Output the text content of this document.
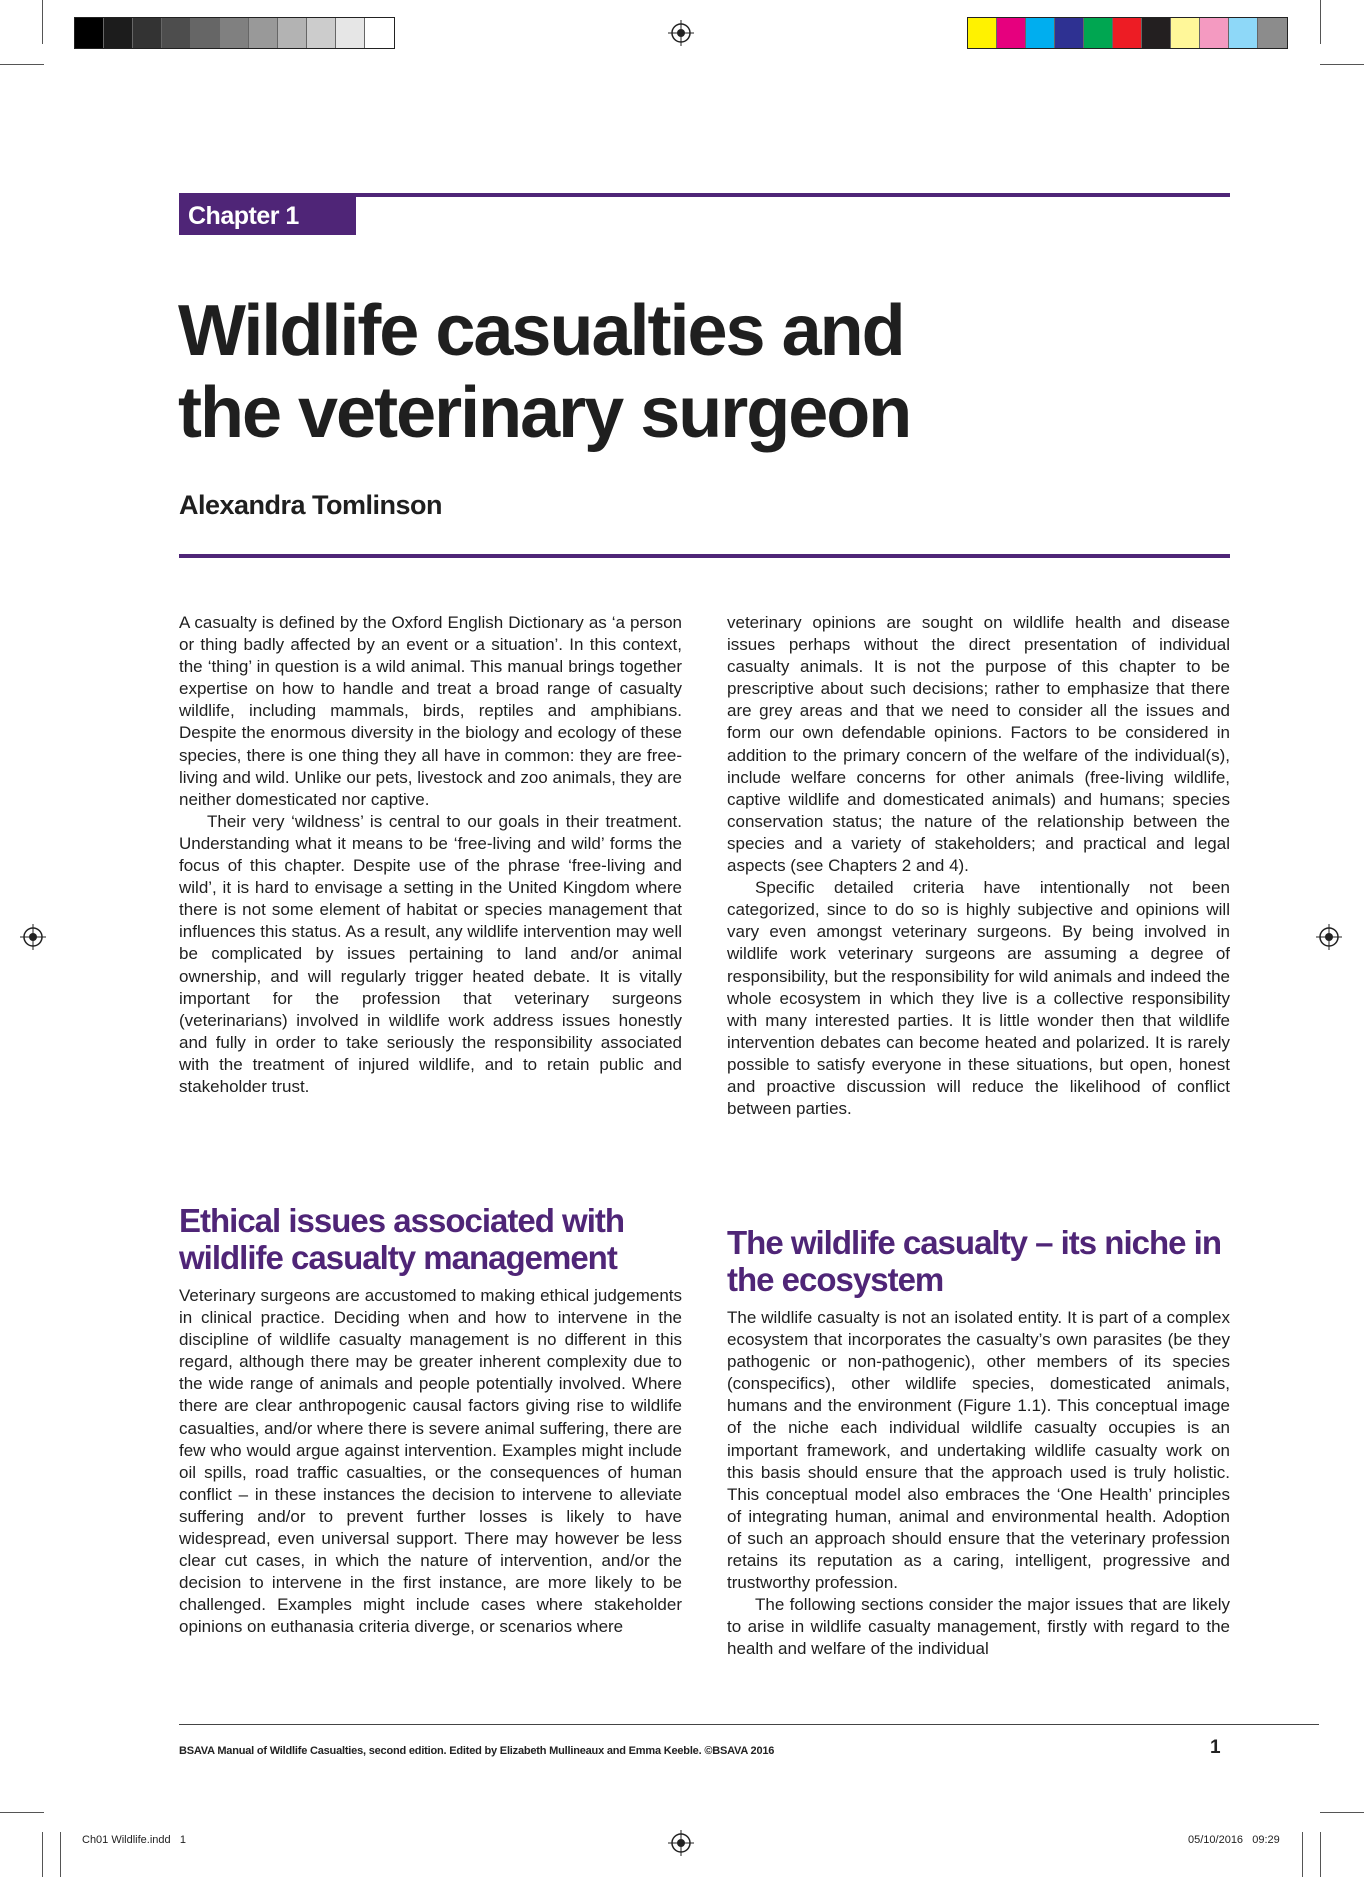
Chapter 1
Wildlife casualties and
the veterinary surgeon
Alexandra Tomlinson

A casualty is defined by the Oxford English Dictionary as ‘a person or thing badly affected by an event or a situation’. In this context, the ‘thing’ in question is a wild animal. This manual brings together expertise on how to handle and treat a broad range of casualty wildlife, including mammals, birds, reptiles and amphibians. Despite the enormous diversity in the biology and ecology of these species, there is one thing they all have in common: they are free-living and wild. Unlike our pets, livestock and zoo animals, they are neither domesticated nor captive.

Their very ‘wildness’ is central to our goals in their treatment. Understanding what it means to be ‘free-living and wild’ forms the focus of this chapter. Despite use of the phrase ‘free-living and wild’, it is hard to envisage a setting in the United Kingdom where there is not some element of habitat or species management that influences this status. As a result, any wildlife intervention may well be complicated by issues pertaining to land and/or animal ownership, and will regularly trigger heated debate. It is vitally important for the profession that veterinary surgeons (veterinarians) involved in wildlife work address issues honestly and fully in order to take seriously the responsibility associated with the treatment of injured wildlife, and to retain public and stakeholder trust.

Ethical issues associated with wildlife casualty management

Veterinary surgeons are accustomed to making ethical judgements in clinical practice. Deciding when and how to intervene in the discipline of wildlife casualty management is no different in this regard, although there may be greater inherent complexity due to the wide range of animals and people potentially involved. Where there are clear anthropogenic causal factors giving rise to wildlife casualties, and/or where there is severe animal suffering, there are few who would argue against intervention. Examples might include oil spills, road traffic casualties, or the consequences of human conflict – in these instances the decision to intervene to alleviate suffering and/or to prevent further losses is likely to have widespread, even universal support. There may however be less clear cut cases, in which the nature of intervention, and/or the decision to intervene in the first instance, are more likely to be challenged. Examples might include cases where stakeholder opinions on euthanasia criteria diverge, or scenarios where

veterinary opinions are sought on wildlife health and disease issues perhaps without the direct presentation of individual casualty animals. It is not the purpose of this chapter to be prescriptive about such decisions; rather to emphasize that there are grey areas and that we need to consider all the issues and form our own defendable opinions. Factors to be considered in addition to the primary concern of the welfare of the individual(s), include welfare concerns for other animals (free-living wildlife, captive wildlife and domesticated animals) and humans; species conservation status; the nature of the relationship between the species and a variety of stakeholders; and practical and legal aspects (see Chapters 2 and 4).

Specific detailed criteria have intentionally not been categorized, since to do so is highly subjective and opinions will vary even amongst veterinary surgeons. By being involved in wildlife work veterinary surgeons are assuming a degree of responsibility, but the responsibility for wild animals and indeed the whole ecosystem in which they live is a collective responsibility with many interested parties. It is little wonder then that wildlife intervention debates can become heated and polarized. It is rarely possible to satisfy everyone in these situations, but open, honest and proactive discussion will reduce the likelihood of conflict between parties.

The wildlife casualty – its niche in the ecosystem

The wildlife casualty is not an isolated entity. It is part of a complex ecosystem that incorporates the casualty’s own parasites (be they pathogenic or non-pathogenic), other members of its species (conspecifics), other wildlife species, domesticated animals, humans and the environment (Figure 1.1). This conceptual image of the niche each individual wildlife casualty occupies is an important framework, and undertaking wildlife casualty work on this basis should ensure that the approach used is truly holistic. This conceptual model also embraces the ‘One Health’ principles of integrating human, animal and environmental health. Adoption of such an approach should ensure that the veterinary profession retains its reputation as a caring, intelligent, progressive and trustworthy profession.

The following sections consider the major issues that are likely to arise in wildlife casualty management, firstly with regard to the health and welfare of the individual

BSAVA Manual of Wildlife Casualties, second edition. Edited by Elizabeth Mullineaux and Emma Keeble. ©BSAVA 2016	1
Ch01 Wildlife.indd   1	05/10/2016   09:29
